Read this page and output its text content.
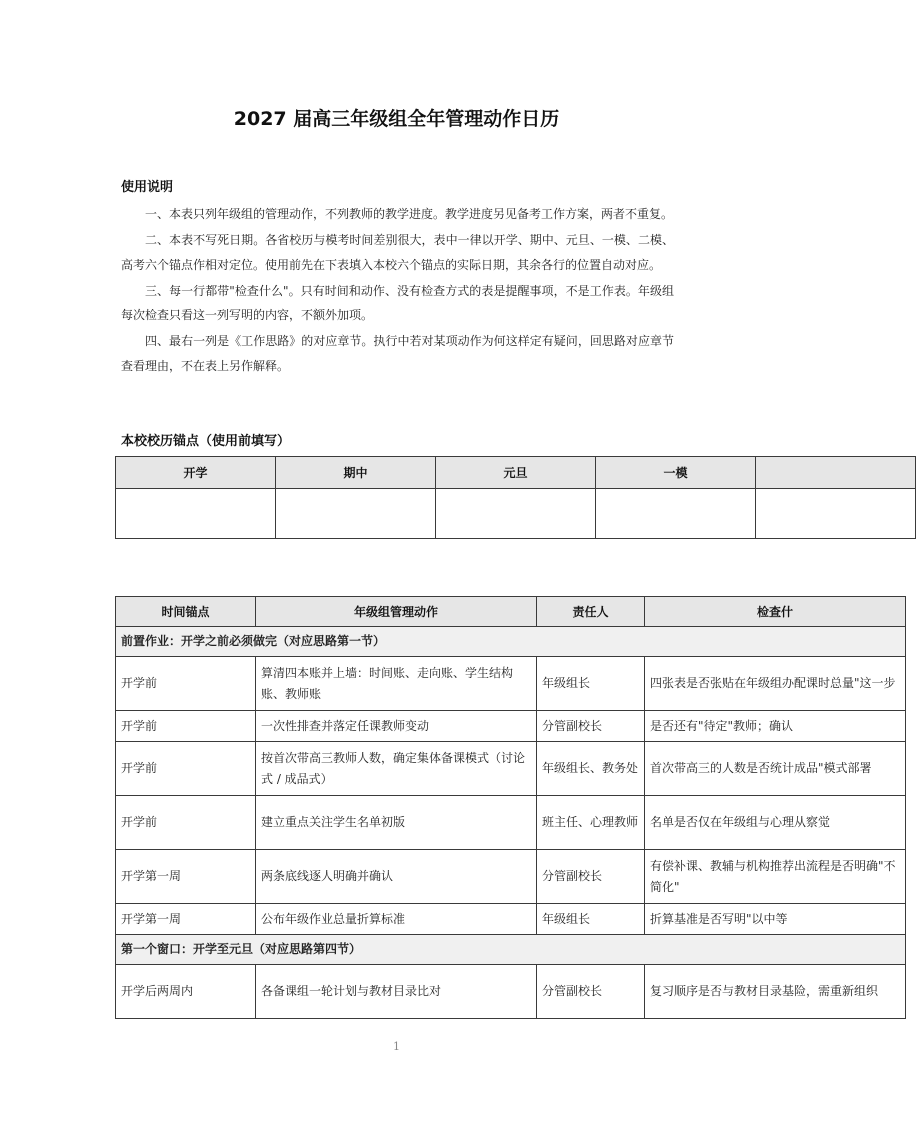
2027 届高三年级组全年管理动作日历
使用说明

一、本表只列年级组的管理动作，不列教师的教学进度。教学进度另见备考工作方案，两者不重复。

二、本表不写死日期。各省校历与模考时间差别很大，表中一律以开学、期中、元旦、一模、二模、高考六个锚点作相对定位。使用前先在下表填入本校六个锚点的实际日期，其余各行的位置自动对应。

三、每一行都带"检查什么"。只有时间和动作、没有检查方式的表是提醒事项，不是工作表。年级组每次检查只看这一列写明的内容，不额外加项。

四、最右一列是《工作思路》的对应章节。执行中若对某项动作为何这样定有疑问，回思路对应章节查看理由，不在表上另作解释。

本校校历锚点（使用前填写）
开学	期中	元旦	一模	

时间锚点	年级组管理动作	责任人	检查什
前置作业：开学之前必须做完（对应思路第一节）			
开学前	算清四本账并上墙：时间账、走向账、学生结构账、教师账	年级组长	四张表是否张贴在年级组办配课时总量"这一步
开学前	一次性排查并落定任课教师变动	分管副校长	是否还有"待定"教师；确认
开学前	按首次带高三教师人数，确定集体备课模式（讨论式 / 成品式）	年级组长、教务处	首次带高三的人数是否统计成品"模式部署
开学前	建立重点关注学生名单初版	班主任、心理教师	名单是否仅在年级组与心理从察觉
开学第一周	两条底线逐人明确并确认	分管副校长	有偿补课、教辅与机构推荐出流程是否明确"不简化"
开学第一周	公布年级作业总量折算标准	年级组长	折算基准是否写明"以中等
第一个窗口：开学至元旦（对应思路第四节）			
开学后两周内	各备课组一轮计划与教材目录比对	分管副校长	复习顺序是否与教材目录基险，需重新组织
1
